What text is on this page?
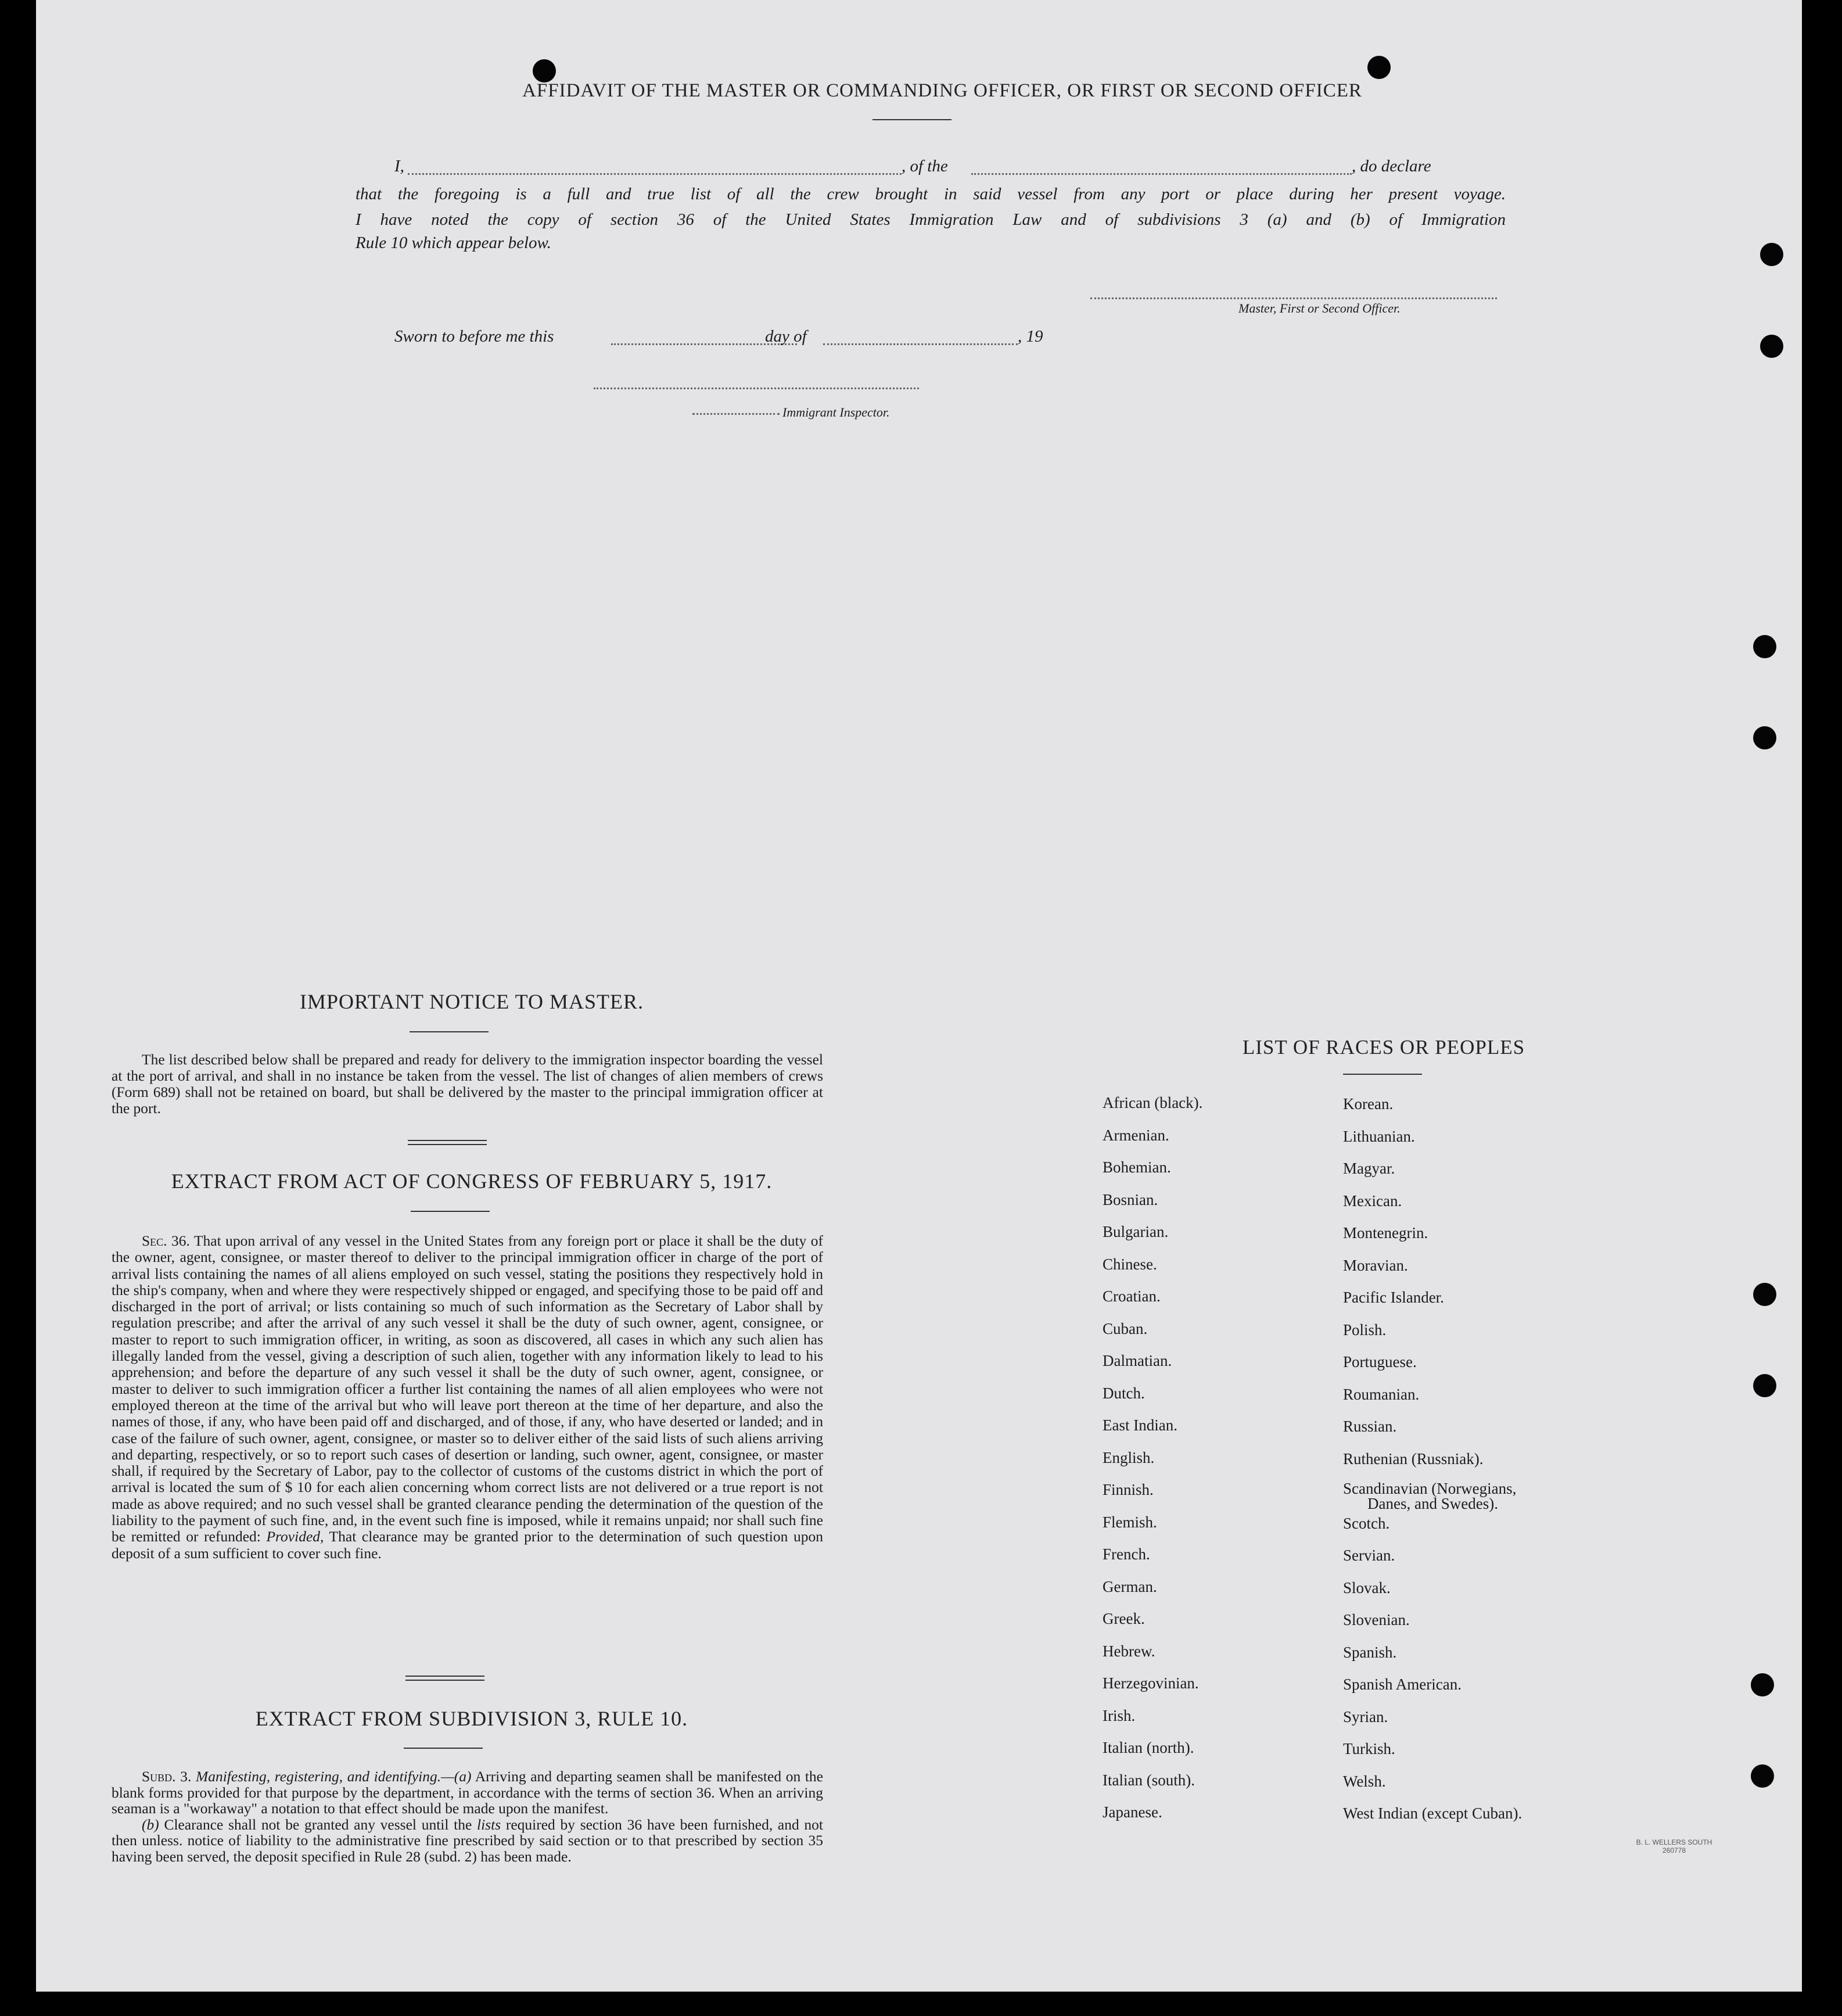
AFFIDAVIT OF THE MASTER OR COMMANDING OFFICER, OR FIRST OR SECOND OFFICER
I,	, of the	, do declare
that the foregoing is a full and true list of all the crew brought in said vessel from any port or place during her present voyage.
I have noted the copy of section 36 of the United States Immigration Law and of subdivisions 3 (a) and (b) of Immigration
Rule 10 which appear below.
Master, First or Second Officer.
Sworn to before me this	day of	, 19
Immigrant Inspector.
IMPORTANT NOTICE TO MASTER.
The list described below shall be prepared and ready for delivery to the immigration inspector boarding the vessel at the port of arrival, and shall in no instance be taken from the vessel. The list of changes of alien members of crews (Form 689) shall not be retained on board, but shall be delivered by the master to the principal immigration officer at the port.
EXTRACT FROM ACT OF CONGRESS OF FEBRUARY 5, 1917.
Sec. 36. That upon arrival of any vessel in the United States from any foreign port or place it shall be the duty of the owner, agent, consignee, or master thereof to deliver to the principal immigration officer in charge of the port of arrival lists containing the names of all aliens employed on such vessel, stating the positions they respectively hold in the ship's company, when and where they were respectively shipped or engaged, and specifying those to be paid off and discharged in the port of arrival; or lists containing so much of such information as the Secretary of Labor shall by regulation prescribe; and after the arrival of any such vessel it shall be the duty of such owner, agent, consignee, or master to report to such immigration officer, in writing, as soon as discovered, all cases in which any such alien has illegally landed from the vessel, giving a description of such alien, together with any information likely to lead to his apprehension; and before the departure of any such vessel it shall be the duty of such owner, agent, consignee, or master to deliver to such immigration officer a further list containing the names of all alien employees who were not employed thereon at the time of the arrival but who will leave port thereon at the time of her departure, and also the names of those, if any, who have been paid off and discharged, and of those, if any, who have deserted or landed; and in case of the failure of such owner, agent, consignee, or master so to deliver either of the said lists of such aliens arriving and departing, respectively, or so to report such cases of desertion or landing, such owner, agent, consignee, or master shall, if required by the Secretary of Labor, pay to the collector of customs of the customs district in which the port of arrival is located the sum of $ 10 for each alien concerning whom correct lists are not delivered or a true report is not made as above required; and no such vessel shall be granted clearance pending the determination of the question of the liability to the payment of such fine, and, in the event such fine is imposed, while it remains unpaid; nor shall such fine be remitted or refunded: Provided, That clearance may be granted prior to the determination of such question upon deposit of a sum sufficient to cover such fine.
EXTRACT FROM SUBDIVISION 3, RULE 10.
Subd. 3. Manifesting, registering, and identifying.—(a) Arriving and departing seamen shall be manifested on the blank forms provided for that purpose by the department, in accordance with the terms of section 36. When an arriving seaman is a "workaway" a notation to that effect should be made upon the manifest.
(b) Clearance shall not be granted any vessel until the lists required by section 36 have been furnished, and not then unless. notice of liability to the administrative fine prescribed by said section or to that prescribed by section 35 having been served, the deposit specified in Rule 28 (subd. 2) has been made.
LIST OF RACES OR PEOPLES
African (black).
Armenian.
Bohemian.
Bosnian.
Bulgarian.
Chinese.
Croatian.
Cuban.
Dalmatian.
Dutch.
East Indian.
English.
Finnish.
Flemish.
French.
German.
Greek.
Hebrew.
Herzegovinian.
Irish.
Italian (north).
Italian (south).
Japanese.
Korean.
Lithuanian.
Magyar.
Mexican.
Montenegrin.
Moravian.
Pacific Islander.
Polish.
Portuguese.
Roumanian.
Russian.
Ruthenian (Russniak).
Scandinavian (Norwegians,
Danes, and Swedes).
Scotch.
Servian.
Slovak.
Slovenian.
Spanish.
Spanish American.
Syrian.
Turkish.
Welsh.
West Indian (except Cuban).
B. L. WELLERS SOUTH
260778
